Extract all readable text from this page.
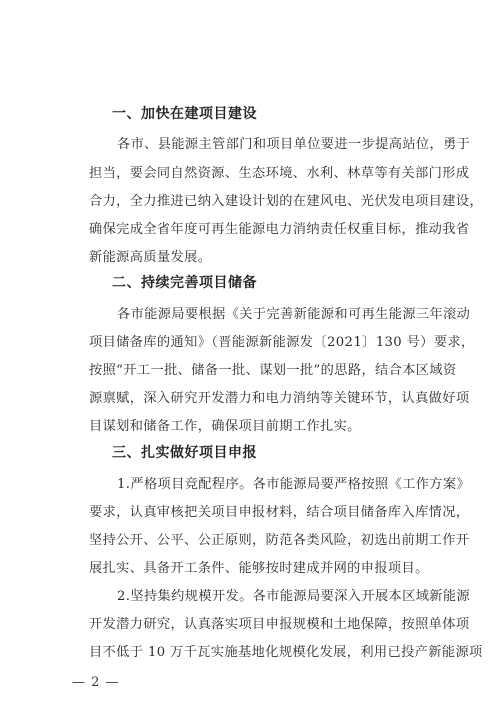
一、加快在建项目建设
各市、县能源主管部门和项目单位要进一步提高站位，勇于
担当，要会同自然资源、生态环境、水利、林草等有关部门形成
合力，全力推进已纳入建设计划的在建风电、光伏发电项目建设，
确保完成全省年度可再生能源电力消纳责任权重目标，推动我省
新能源高质量发展。
二、持续完善项目储备
各市能源局要根据《关于完善新能源和可再生能源三年滚动
项目储备库的通知》（晋能源新能源发〔2021〕130 号）要求，
按照“开工一批、储备一批、谋划一批”的思路，结合本区域资
源禀赋，深入研究开发潜力和电力消纳等关键环节，认真做好项
目谋划和储备工作，确保项目前期工作扎实。
三、扎实做好项目申报
1.严格项目竞配程序。各市能源局要严格按照《工作方案》
要求，认真审核把关项目申报材料，结合项目储备库入库情况，
坚持公开、公平、公正原则，防范各类风险，初选出前期工作开
展扎实、具备开工条件、能够按时建成并网的申报项目。
2.坚持集约规模开发。各市能源局要深入开展本区域新能源
开发潜力研究，认真落实项目申报规模和土地保障，按照单体项
目不低于 10 万千瓦实施基地化规模化发展，利用已投产新能源项
— 2 —
